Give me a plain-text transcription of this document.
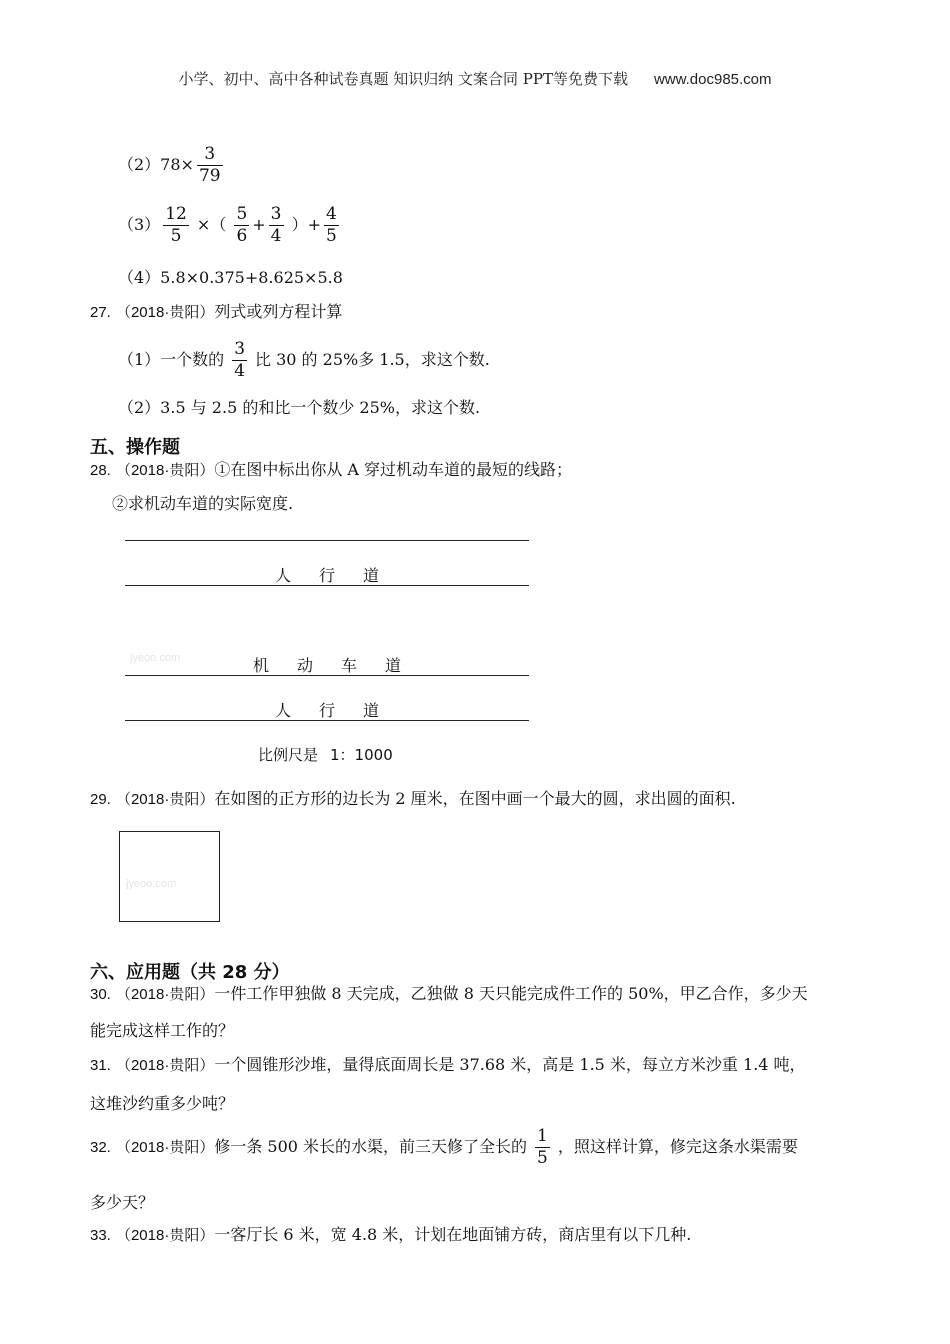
小学、初中、高中各种试卷真题 知识归纳 文案合同 PPT等免费下载 www.doc985.com
$(2)78\times \frac{3}{79}$
$(3) \frac{12}{5}$ ×（ $\frac{5}{6} + \frac{3}{4}$ ）+ $\frac{4}{5}$
（4）5.8×0.375+8.625×5.8
27. （2018·贵阳）列式或列方程计算
（1）一个数的 $\frac{3}{4}$ 比 30 的 25%多 1.5，求这个数.
（2）3.5 与 2.5 的和比一个数少 25%，求这个数.
五、操作题
28. （2018·贵阳）①在图中标出你从 A 穿过机动车道的最短的线路；
②求机动车道的实际宽度.
人 行 道
jyeoo.com	机 动 车 道
人 行 道
比例尺是 1：1000
29. （2018·贵阳）在如图的正方形的边长为 2 厘米，在图中画一个最大的圆，求出圆的面积.
jyeoo.com
六、应用题（共 28 分）
30. （2018·贵阳）一件工作甲独做 8 天完成，乙独做 8 天只能完成件工作的 50%，甲乙合作，多少天
能完成这样工作的？
31. （2018·贵阳）一个圆锥形沙堆，量得底面周长是 37.68 米，高是 1.5 米，每立方米沙重 1.4 吨，
这堆沙约重多少吨？
32. （2018·贵阳）修一条 500 米长的水渠，前三天修了全长的 $\frac{1}{5}$ ，照这样计算，修完这条水渠需要
多少天？
33. （2018·贵阳）一客厅长 6 米，宽 4.8 米，计划在地面铺方砖，商店里有以下几种.
